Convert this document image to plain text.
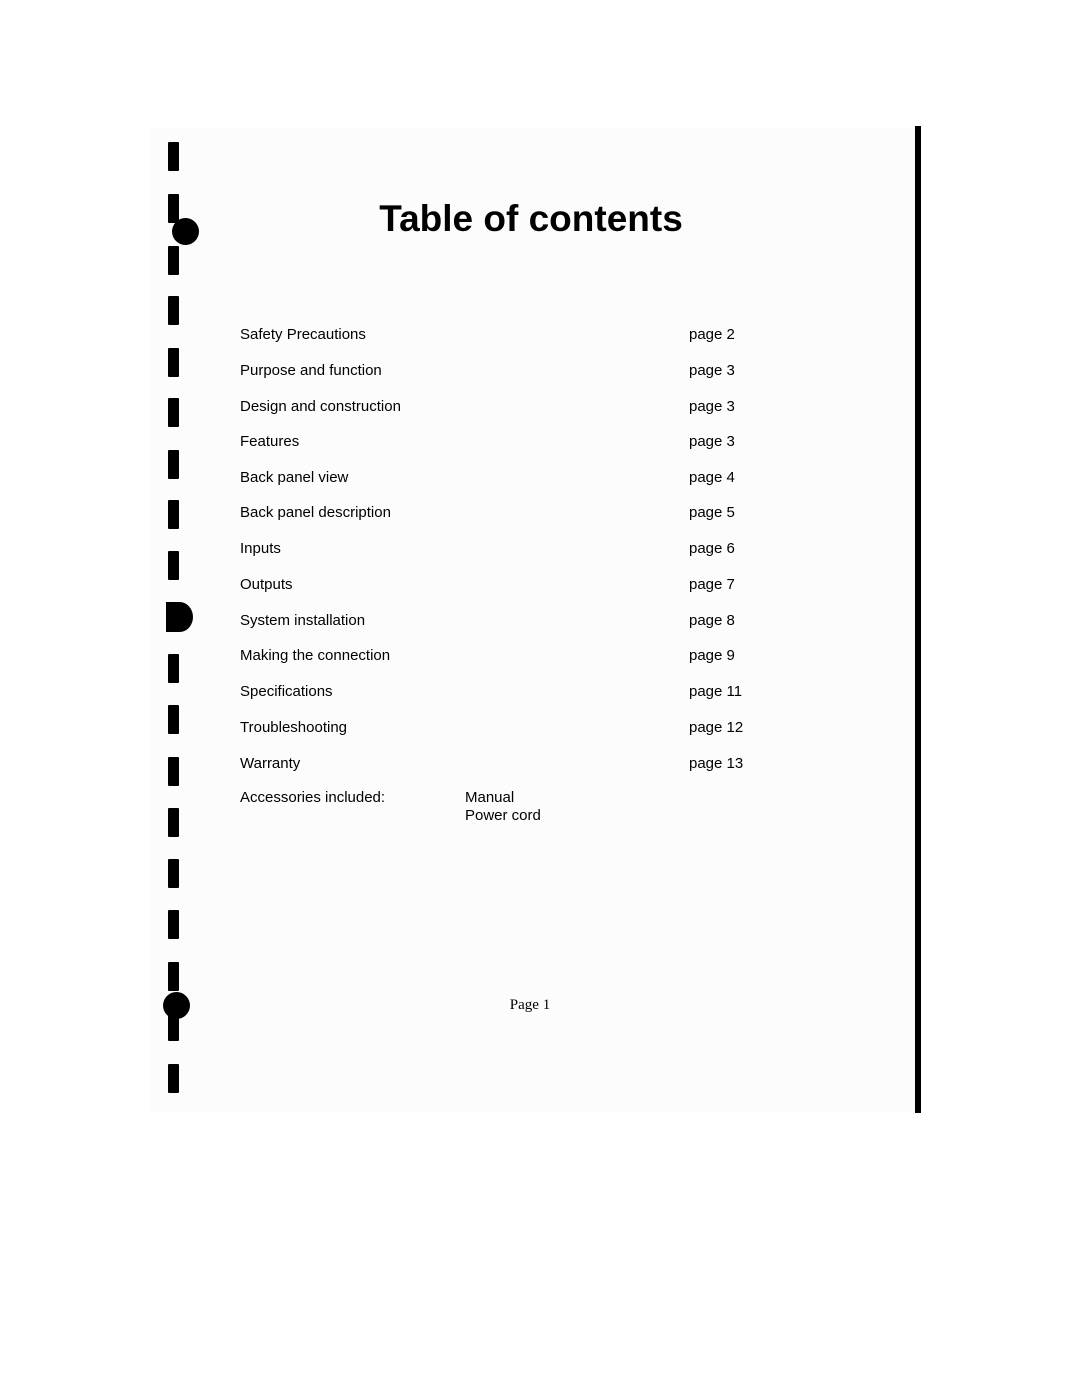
Table of contents
Safety Precautions	page 2
Purpose and function	page 3
Design and construction	page 3
Features	page 3
Back panel view	page 4
Back panel description	page 5
Inputs	page 6
Outputs	page 7
System installation	page 8
Making the connection	page 9
Specifications	page 11
Troubleshooting	page 12
Warranty	page 13
Accessories included:	Manual
Power cord
Page 1
